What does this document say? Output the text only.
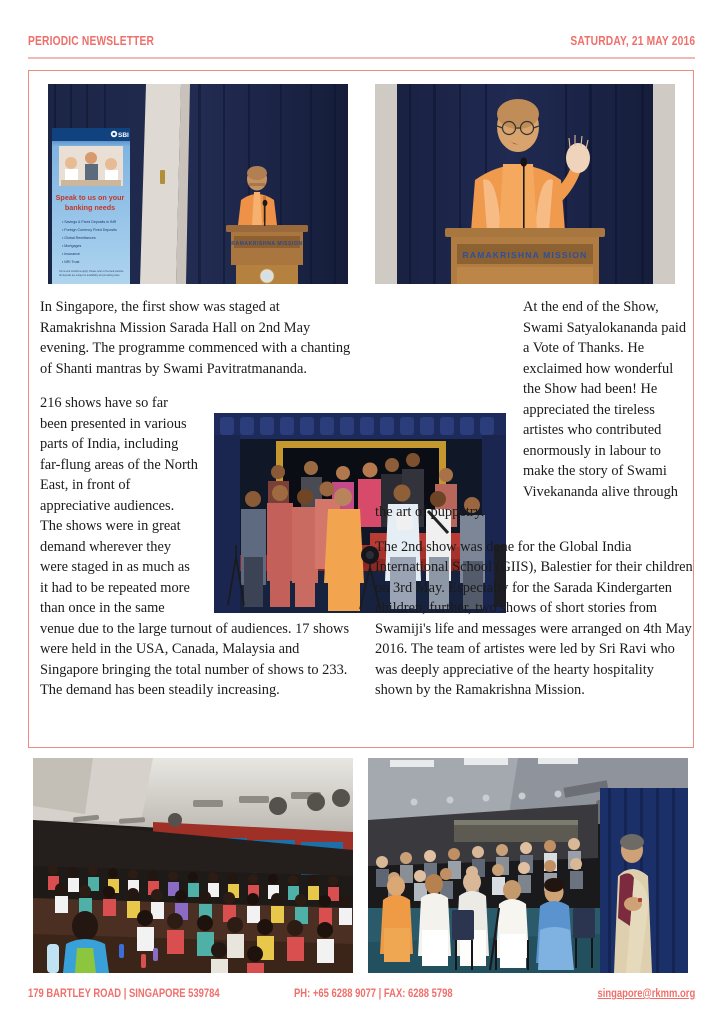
PERIODIC NEWSLETTER	SATURDAY, 21 MAY 2016
SBI
Speak to us on your
banking needs
• Savings & Fixed Deposits in INR
• Foreign Currency Fixed Deposits
• Global Remittances
• Mortgages
• Insurance
• NRI Trust
Terms and conditions apply. Please refer to the bank website.
All deposits are subject to availability and prevailing rates.
RAMAKRISHNA MISSION
RAMAKRISHNA MISSION

In Singapore, the first show was staged at Ramakrishna Mission Sarada Hall on 2nd May evening. The programme commenced with a chanting of Shanti mantras by Swami Pavitratmananda.

216 shows have so far been presented in various parts of India, including far-flung areas of the North East, in front of appreciative audiences. The shows were in great demand wherever they were staged in as much as it had to be repeated more than once in the same venue due to the large turnout of audiences. 17 shows were held in the USA, Canada, Malaysia and Singapore bringing the total number of shows to 233. The demand has been steadily increasing.

At the end of the Show, Swami Satyalokananda paid a Vote of Thanks. He exclaimed how wonderful the Show had been! He appreciated the tireless artistes who contributed enormously in labour to make the story of Swami Vivekananda alive through the art of puppetry.

The 2nd show was done for the Global India International School (GIIS), Balestier for their children on 3rd May. Especially for the Sarada Kindergarten children, further, two shows of short stories from Swamiji's life and messages were arranged on 4th May 2016. The team of artistes were led by Sri Ravi who was deeply appreciative of the hearty hospitality shown by the Ramakrishna Mission.

179 BARTLEY ROAD | SINGAPORE 539784	PH: +65 6288 9077 | FAX: 6288 5798	singapore@rkmm.org
